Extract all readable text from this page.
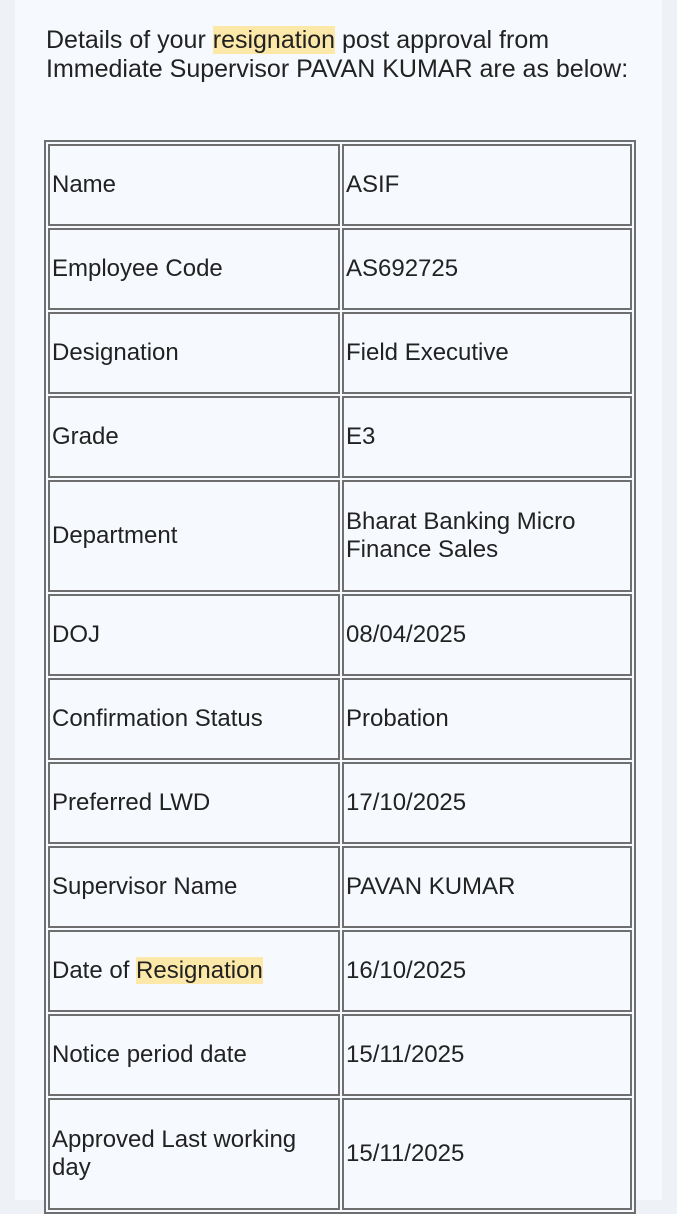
Details of your resignation post approval from Immediate Supervisor PAVAN KUMAR are as below:
Name	ASIF
Employee Code	AS692725
Designation	Field Executive
Grade	E3
Department	Bharat Banking Micro Finance Sales
DOJ	08/04/2025
Confirmation Status	Probation
Preferred LWD	17/10/2025
Supervisor Name	PAVAN KUMAR
Date of Resignation	16/10/2025
Notice period date	15/11/2025
Approved Last working day	15/11/2025
